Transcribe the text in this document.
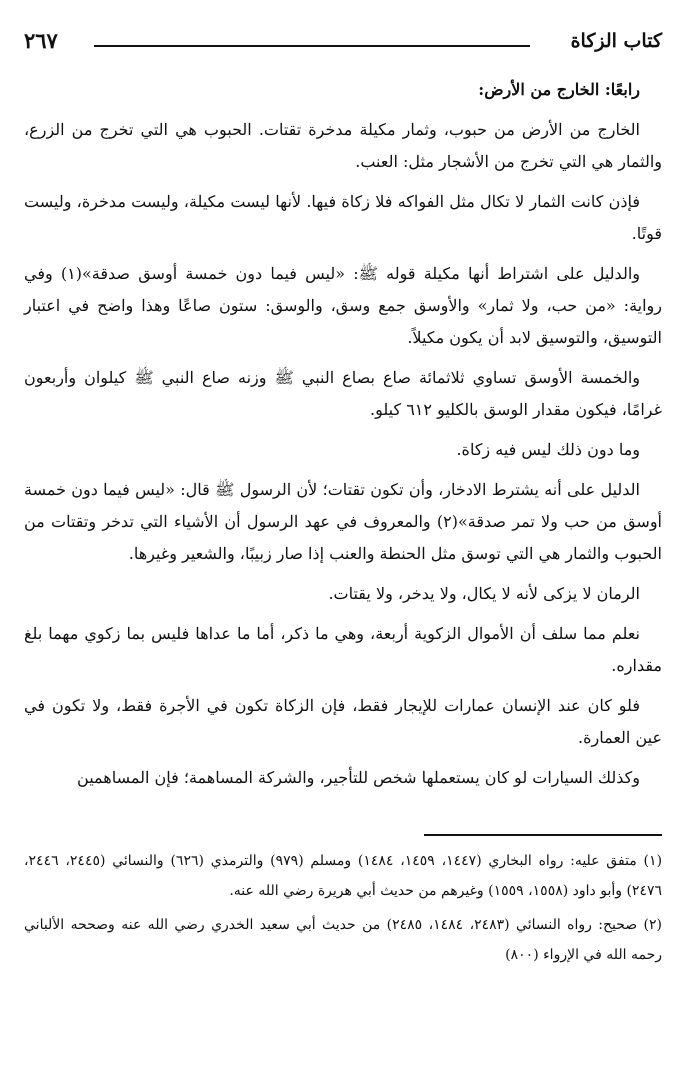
كتاب الزكاة
٢٦٧

رابعًا: الخارج من الأرض:

الخارج من الأرض من حبوب، وثمار مكيلة مدخرة تقتات. الحبوب هي التي تخرج من الزرع، والثمار هي التي تخرج من الأشجار مثل: العنب.

فإذن كانت الثمار لا تكال مثل الفواكه فلا زكاة فيها. لأنها ليست مكيلة، وليست مدخرة، وليست قوتًا.

والدليل على اشتراط أنها مكيلة قوله ﷺ: «ليس فيما دون خمسة أوسق صدقة»(١) وفي رواية: «من حب، ولا ثمار» والأوسق جمع وسق، والوسق: ستون صاعًا وهذا واضح في اعتبار التوسيق، والتوسيق لابد أن يكون مكيلاً.

والخمسة الأوسق تساوي ثلاثمائة صاع بصاع النبي ﷺ وزنه صاع النبي ﷺ كيلوان وأربعون غرامًا، فيكون مقدار الوسق بالكليو ٦١٢ كيلو.

وما دون ذلك ليس فيه زكاة.

الدليل على أنه يشترط الادخار، وأن تكون تقتات؛ لأن الرسول ﷺ قال: «ليس فيما دون خمسة أوسق من حب ولا تمر صدقة»(٢) والمعروف في عهد الرسول أن الأشياء التي تدخر وتقتات من الحبوب والثمار هي التي توسق مثل الحنطة والعنب إذا صار زبيبًا، والشعير وغيرها.

الرمان لا يزكى لأنه لا يكال، ولا يدخر، ولا يقتات.

نعلم مما سلف أن الأموال الزكوية أربعة، وهي ما ذكر، أما ما عداها فليس بما زكوي مهما بلغ مقداره.

فلو كان عند الإنسان عمارات للإيجار فقط، فإن الزكاة تكون في الأجرة فقط، ولا تكون في عين العمارة.

وكذلك السيارات لو كان يستعملها شخص للتأجير، والشركة المساهمة؛ فإن المساهمين

(١) متفق عليه: رواه البخاري (١٤٤٧، ١٤٥٩، ١٤٨٤) ومسلم (٩٧٩) والترمذي (٦٢٦) والنسائي (٢٤٤٥، ٢٤٤٦، ٢٤٧٦) وأبو داود (١٥٥٨، ١٥٥٩) وغيرهم من حديث أبي هريرة رضي الله عنه.

(٢) صحيح: رواه النسائي (٢٤٨٣، ١٤٨٤، ٢٤٨٥) من حديث أبي سعيد الخدري رضي الله عنه وصححه الألباني رحمه الله في الإرواء (٨٠٠)
